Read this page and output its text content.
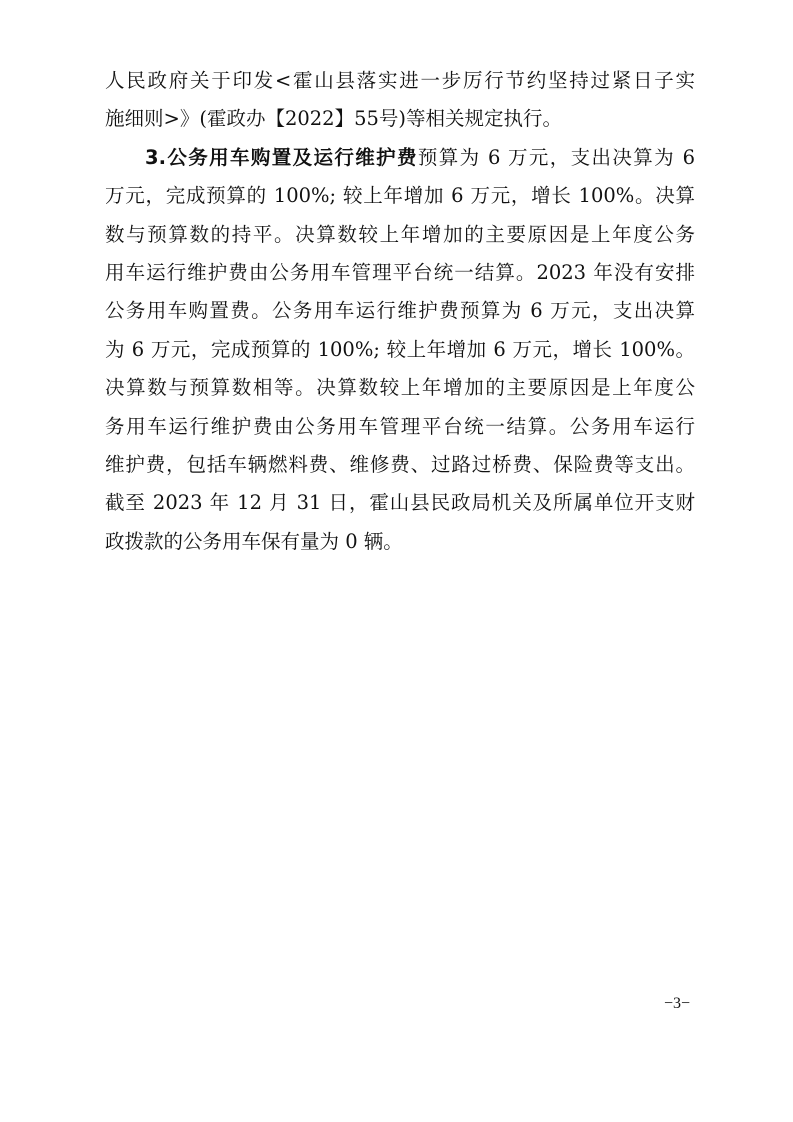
人民政府关于印发<霍山县落实进一步厉行节约坚持过紧日子实
施细则>》(霍政办【2022】55号)等相关规定执行。
3.公务用车购置及运行维护费预算为 6 万元，支出决算为 6
万元，完成预算的 100%; 较上年增加 6 万元，增长 100%。决算
数与预算数的持平。决算数较上年增加的主要原因是上年度公务
用车运行维护费由公务用车管理平台统一结算。2023 年没有安排
公务用车购置费。公务用车运行维护费预算为 6 万元，支出决算
为 6 万元，完成预算的 100%; 较上年增加 6 万元，增长 100%。
决算数与预算数相等。决算数较上年增加的主要原因是上年度公
务用车运行维护费由公务用车管理平台统一结算。公务用车运行
维护费，包括车辆燃料费、维修费、过路过桥费、保险费等支出。
截至 2023 年 12 月 31 日，霍山县民政局机关及所属单位开支财
政拨款的公务用车保有量为 0 辆。
−3−
